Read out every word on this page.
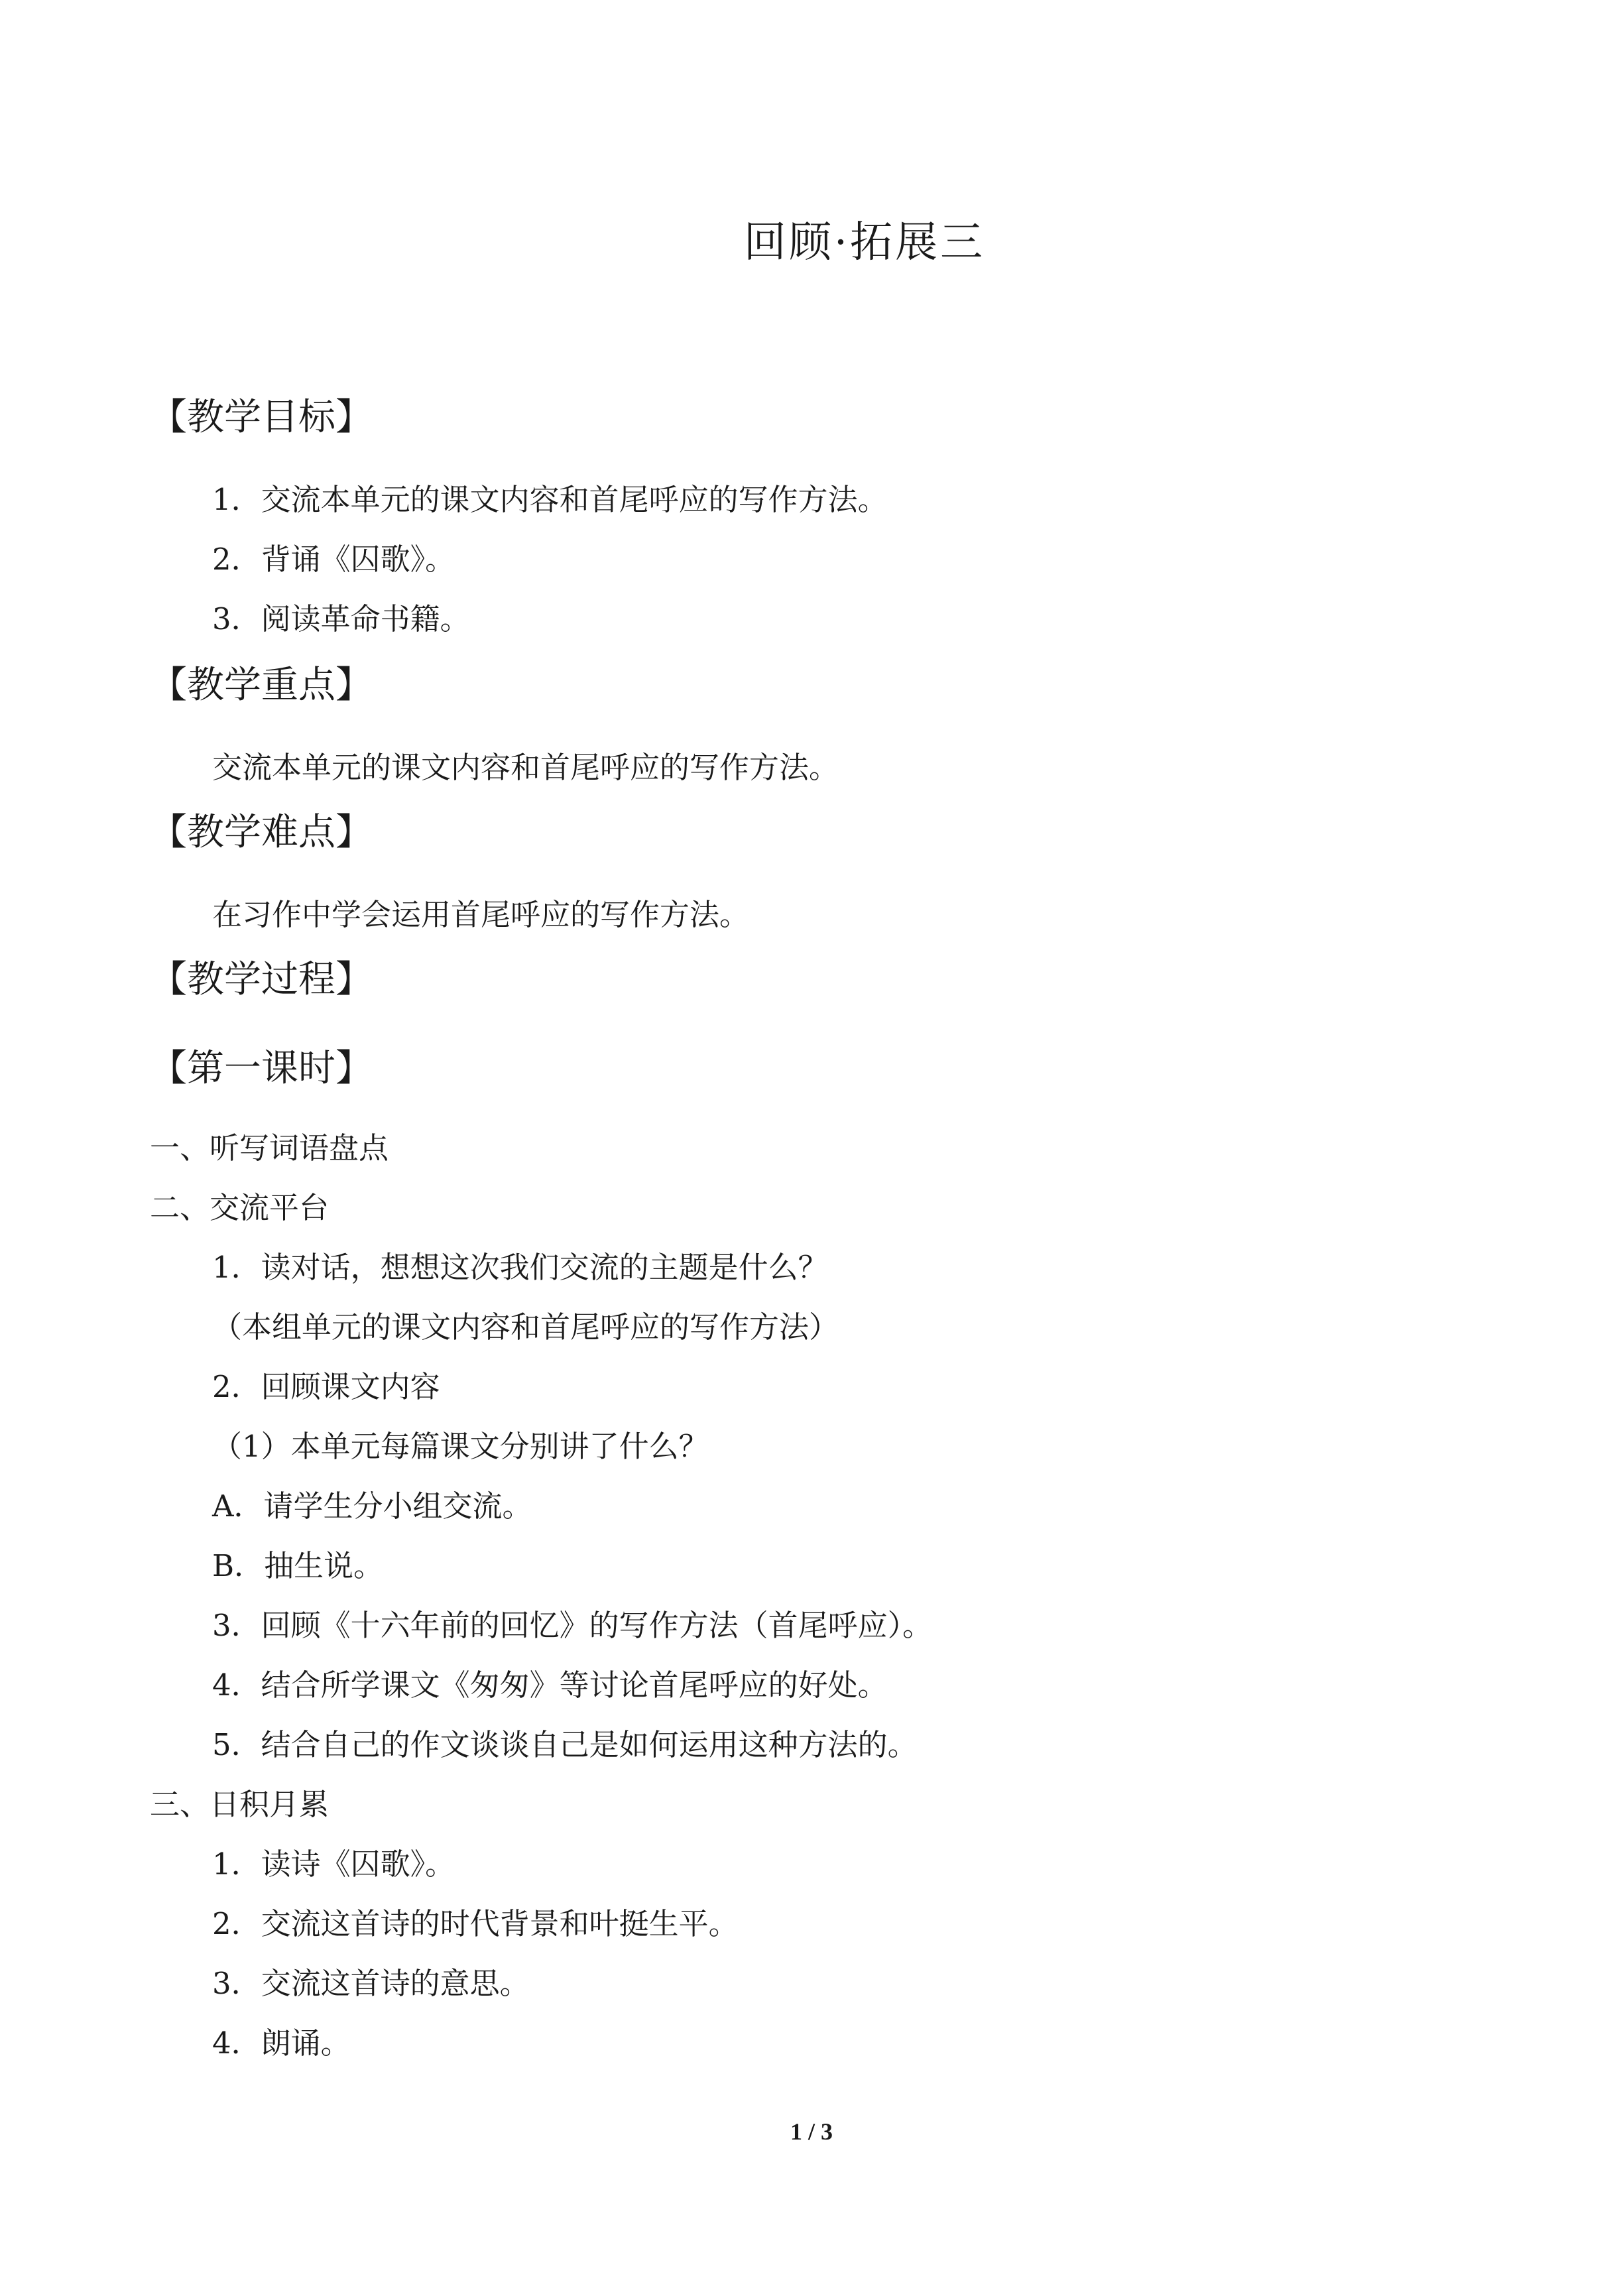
回顾·拓展三
【教学目标】
1．交流本单元的课文内容和首尾呼应的写作方法。
2．背诵《囚歌》。
3．阅读革命书籍。
【教学重点】
交流本单元的课文内容和首尾呼应的写作方法。
【教学难点】
在习作中学会运用首尾呼应的写作方法。
【教学过程】
【第一课时】
一、听写词语盘点
二、交流平台
1．读对话，想想这次我们交流的主题是什么？
（本组单元的课文内容和首尾呼应的写作方法）
2．回顾课文内容
（1）本单元每篇课文分别讲了什么？
A．请学生分小组交流。
B．抽生说。
3．回顾《十六年前的回忆》的写作方法（首尾呼应）。
4．结合所学课文《匆匆》等讨论首尾呼应的好处。
5．结合自己的作文谈谈自己是如何运用这种方法的。
三、日积月累
1．读诗《囚歌》。
2．交流这首诗的时代背景和叶挺生平。
3．交流这首诗的意思。
4．朗诵。
1 / 3
